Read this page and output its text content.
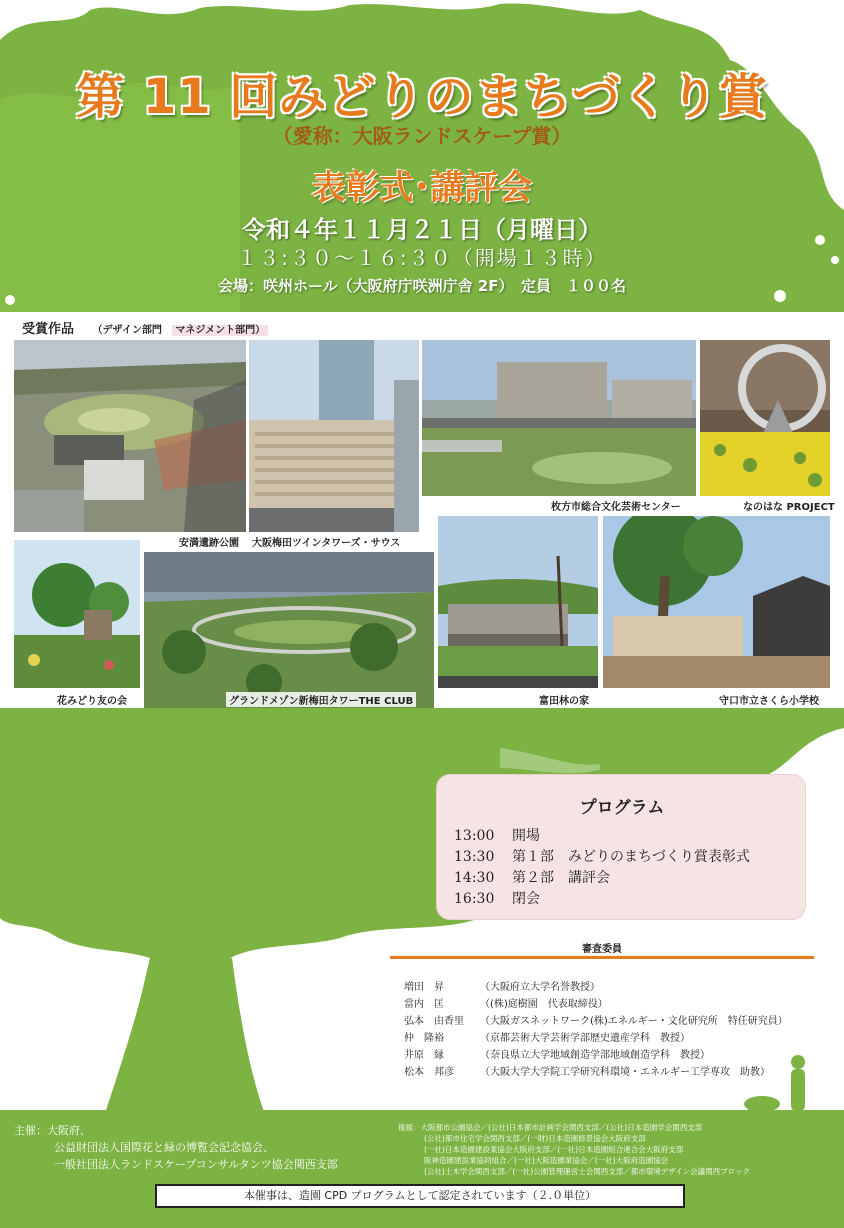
第 11 回みどりのまちづくり賞
（愛称：大阪ランドスケープ賞）
表彰式･講評会
令和４年１１月２１日（月曜日）
１３:３０〜１６:３０（開場１３時）
会場：咲州ホール（大阪府庁咲洲庁舎 2F）　定員　１００名
受賞作品 （デザイン部門 マネジメント部門）
安満遺跡公園	大阪梅田ツインタワーズ・サウス
枚方市総合文化芸術センター	なのはな PROJECT
花みどり友の会	グランドメゾン新梅田タワーTHE CLUB	富田林の家	守口市立さくら小学校
プログラム
13:00 開場
13:30 第１部　みどりのまちづくり賞表彰式
14:30 第２部　講評会
16:30 閉会
審査委員
増田　昇	（大阪府立大学名誉教授）
當内　匡	（(株)庭樹園　代表取締役）
弘本　由香里 （大阪ガスネットワーク(株)エネルギー・文化研究所　特任研究員）
仲　隆裕	（京都芸術大学芸術学部歴史遺産学科　教授）
井原　縁	（奈良県立大学地域創造学部地域創造学科　教授）
松本　邦彦	（大阪大学大学院工学研究科環境・エネルギー工学専攻　助教）
主催：大阪府、
公益財団法人国際花と緑の博覧会記念協会、
一般社団法人ランドスケープコンサルタンツ協会関西支部
後援：大阪都市公園協会／(公社)日本都市計画学会関西支部／(公社)日本造園学会関西支部
(公社)都市住宅学会関西支部／(一財)日本造園修景協会大阪府支部
(一社)日本造園建設業協会大阪府支部／(一社)日本造園組合連合会大阪府支部
阪神造園建設業協同組合／(一社)大阪造園業協会／(一社)大阪府造園協会
(公社)土木学会関西支部／(一社)公園管理運営士会関西支部／都市環境デザイン会議関西ブロック
本催事は、造園 CPD プログラムとして認定されています（２.０単位）
